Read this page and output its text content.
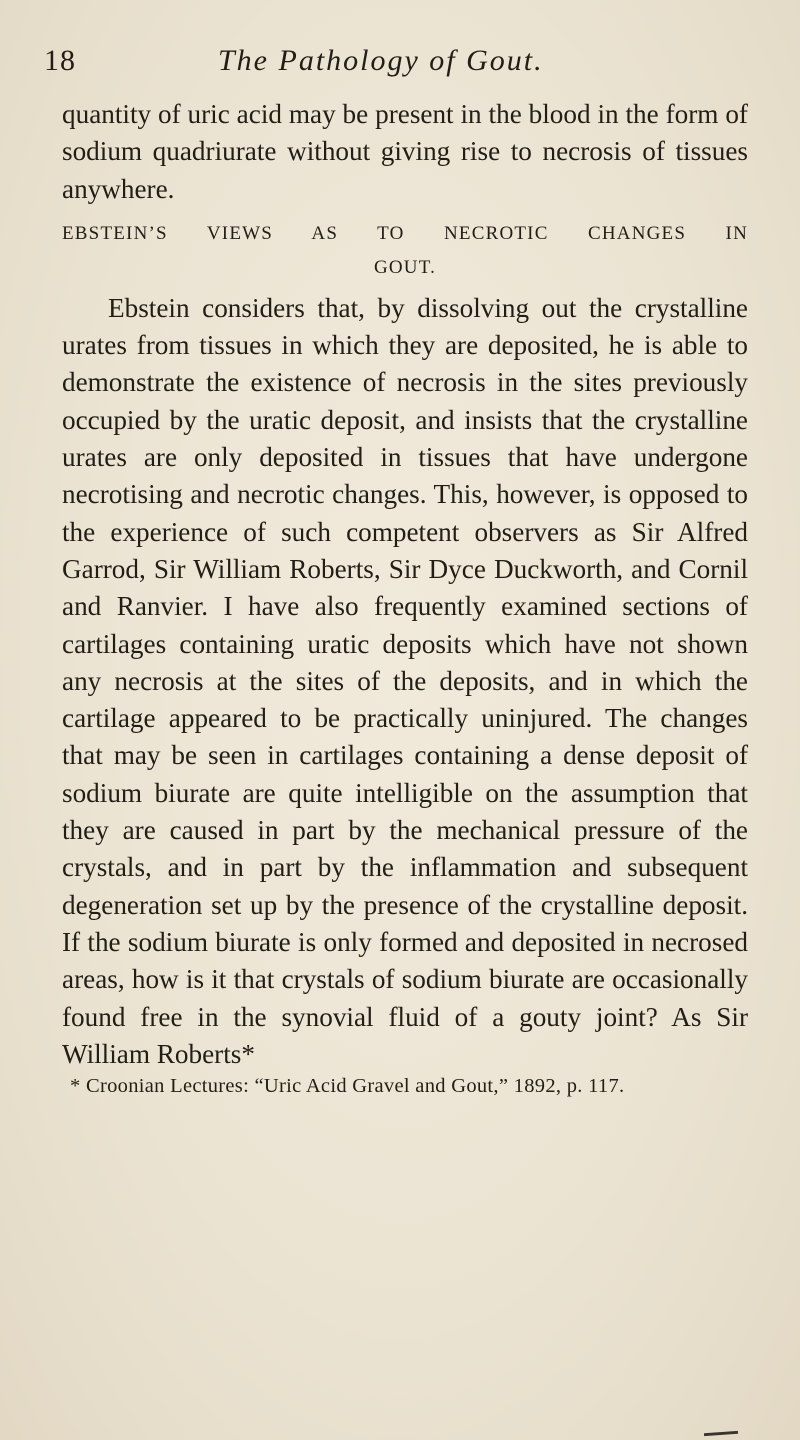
18	The Pathology of Gout.

quantity of uric acid may be present in the blood in the form of sodium quadriurate without giving rise to necrosis of tissues anywhere.

EBSTEIN’S VIEWS AS TO NECROTIC CHANGES IN
GOUT.

Ebstein considers that, by dissolving out the crystalline urates from tissues in which they are deposited, he is able to demonstrate the existence of necrosis in the sites previously occupied by the uratic deposit, and insists that the crystalline urates are only deposited in tissues that have undergone necrotising and necrotic changes. This, however, is opposed to the experience of such competent observers as Sir Alfred Garrod, Sir William Roberts, Sir Dyce Duckworth, and Cornil and Ranvier. I have also frequently examined sections of cartilages containing uratic deposits which have not shown any necrosis at the sites of the deposits, and in which the cartilage appeared to be practically uninjured. The changes that may be seen in cartilages containing a dense deposit of sodium biurate are quite intelligible on the assumption that they are caused in part by the mechanical pressure of the crystals, and in part by the inflammation and subsequent degeneration set up by the presence of the crystalline deposit. If the sodium biurate is only formed and deposited in necrosed areas, how is it that crystals of sodium biurate are occasionally found free in the synovial fluid of a gouty joint? As Sir William Roberts*

* Croonian Lectures: “Uric Acid Gravel and Gout,” 1892, p. 117.
